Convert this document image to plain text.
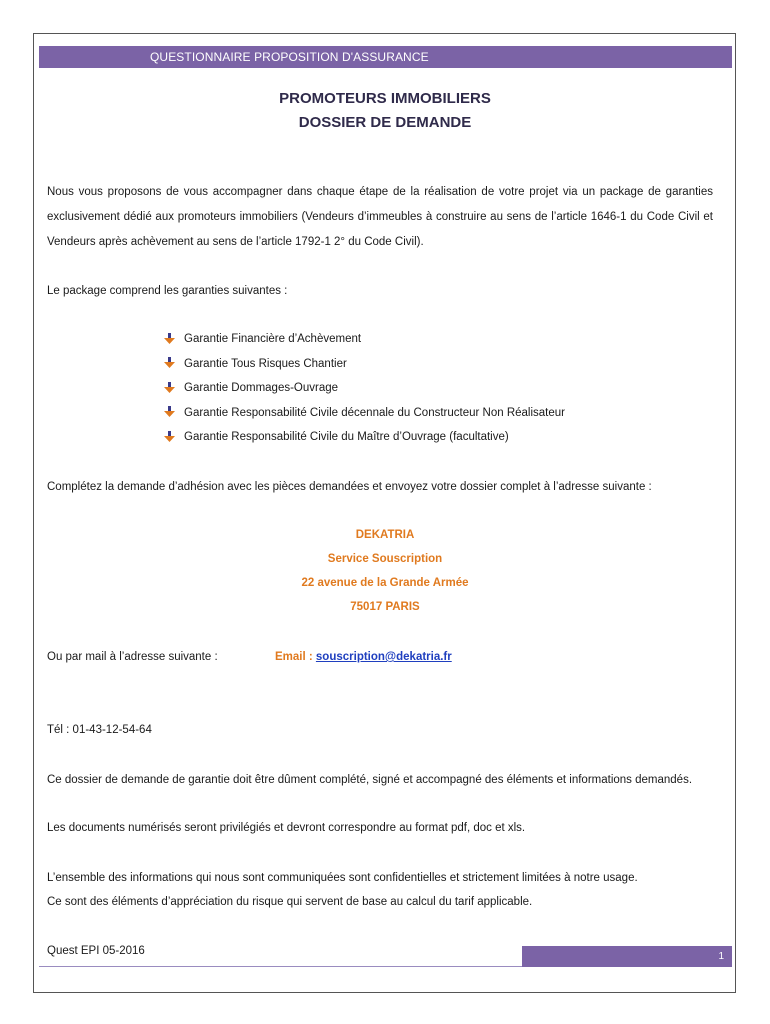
QUESTIONNAIRE PROPOSITION D'ASSURANCE
PROMOTEURS IMMOBILIERS
DOSSIER DE DEMANDE
Nous vous proposons de vous accompagner dans chaque étape de la réalisation de votre projet via un package de garanties exclusivement dédié aux promoteurs immobiliers (Vendeurs d’immeubles à construire au sens de l’article 1646-1 du Code Civil et Vendeurs après achèvement au sens de l’article 1792-1 2° du Code Civil).
Le package comprend les garanties suivantes :
Garantie Financière d’Achèvement
Garantie Tous Risques Chantier
Garantie Dommages-Ouvrage
Garantie Responsabilité Civile décennale du Constructeur Non Réalisateur
Garantie Responsabilité Civile du Maître d’Ouvrage (facultative)
Complétez la demande d’adhésion avec les pièces demandées et envoyez votre dossier complet à l’adresse suivante :
DEKATRIA
Service Souscription
22 avenue de la Grande Armée
75017 PARIS
Ou par mail à l’adresse suivante :	Email : souscription@dekatria.fr
Tél : 01-43-12-54-64
Ce dossier de demande de garantie doit être dûment complété, signé et accompagné des éléments et informations demandés.
Les documents numérisés seront privilégiés et devront correspondre au format pdf, doc et xls.
L’ensemble des informations qui nous sont communiquées sont confidentielles et strictement limitées à notre usage.
Ce sont des éléments d’appréciation du risque qui servent de base au calcul du tarif applicable.
Quest EPI 05-2016	1
